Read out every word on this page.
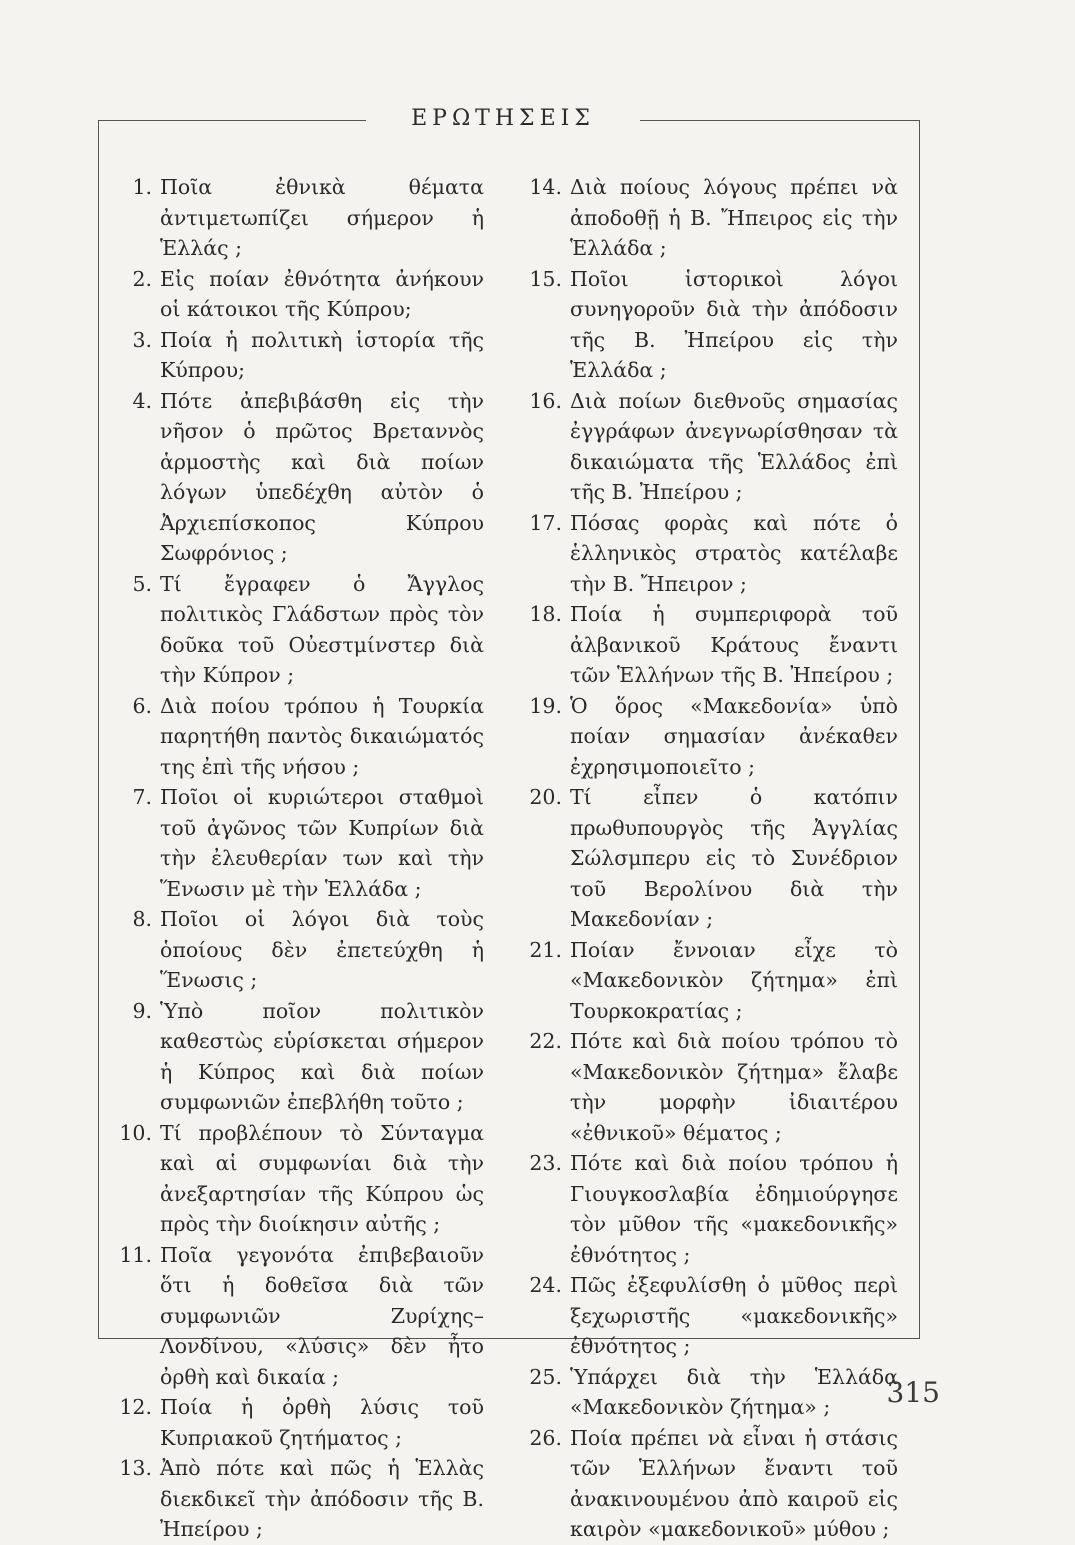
ΕΡΩΤΗΣΕΙΣ
1. Ποῖα ἐθνικὰ θέματα ἀντιμετωπίζει σήμερον ἡ Ἑλλάς ;
2. Εἰς ποίαν ἐθνότητα ἀνήκουν οἱ κάτοικοι τῆς Κύπρου;
3. Ποία ἡ πολιτικὴ ἱστορία τῆς Κύπρου;
4. Πότε ἀπεβιβάσθη εἰς τὴν νῆσον ὁ πρῶτος Βρεταννὸς ἁρμοστὴς καὶ διὰ ποίων λόγων ὑπεδέχθη αὐτὸν ὁ Ἀρχιεπίσκοπος Κύπρου Σωφρόνιος ;
5. Τί ἔγραφεν ὁ Ἄγγλος πολιτικὸς Γλάδστων πρὸς τὸν δοῦκα τοῦ Οὐεστμίνστερ διὰ τὴν Κύπρον ;
6. Διὰ ποίου τρόπου ἡ Τουρκία παρητήθη παντὸς δικαιώματός της ἐπὶ τῆς νήσου ;
7. Ποῖοι οἱ κυριώτεροι σταθμοὶ τοῦ ἀγῶνος τῶν Κυπρίων διὰ τὴν ἐλευθερίαν των καὶ τὴν Ἕνωσιν μὲ τὴν Ἑλλάδα ;
8. Ποῖοι οἱ λόγοι διὰ τοὺς ὁποίους δὲν ἐπετεύχθη ἡ Ἕνωσις ;
9. Ὑπὸ ποῖον πολιτικὸν καθεστὼς εὑρίσκεται σήμερον ἡ Κύπρος καὶ διὰ ποίων συμφωνιῶν ἐπεβλήθη τοῦτο ;
10. Τί προβλέπουν τὸ Σύνταγμα καὶ αἱ συμφωνίαι διὰ τὴν ἀνεξαρτησίαν τῆς Κύπρου ὡς πρὸς τὴν διοίκησιν αὐτῆς ;
11. Ποῖα γεγονότα ἐπιβεβαιοῦν ὅτι ἡ δοθεῖσα διὰ τῶν συμφωνιῶν Ζυρίχης–Λονδίνου, «λύσις» δὲν ἦτο ὀρθὴ καὶ δικαία ;
12. Ποία ἡ ὀρθὴ λύσις τοῦ Κυπριακοῦ ζητήματος ;
13. Ἀπὸ πότε καὶ πῶς ἡ Ἑλλὰς διεκδικεῖ τὴν ἀπόδοσιν τῆς Β. Ἠπείρου ;
14. Διὰ ποίους λόγους πρέπει νὰ ἀποδοθῇ ἡ Β. Ἤπειρος εἰς τὴν Ἑλλάδα ;
15. Ποῖοι ἱστορικοὶ λόγοι συνηγοροῦν διὰ τὴν ἀπόδοσιν τῆς Β. Ἠπείρου εἰς τὴν Ἑλλάδα ;
16. Διὰ ποίων διεθνοῦς σημασίας ἐγγράφων ἀνεγνωρίσθησαν τὰ δικαιώματα τῆς Ἑλλάδος ἐπὶ τῆς Β. Ἠπείρου ;
17. Πόσας φορὰς καὶ πότε ὁ ἑλληνικὸς στρατὸς κατέλαβε τὴν Β. Ἤπειρον ;
18. Ποία ἡ συμπεριφορὰ τοῦ ἀλβανικοῦ Κράτους ἔναντι τῶν Ἑλλήνων τῆς Β. Ἠπείρου ;
19. Ὁ ὅρος «Μακεδονία» ὑπὸ ποίαν σημασίαν ἀνέκαθεν ἐχρησιμοποιεῖτο ;
20. Τί εἶπεν ὁ κατόπιν πρωθυπουργὸς τῆς Ἀγγλίας Σώλσμπερυ εἰς τὸ Συνέδριον τοῦ Βερολίνου διὰ τὴν Μακεδονίαν ;
21. Ποίαν ἔννοιαν εἶχε τὸ «Μακεδονικὸν ζήτημα» ἐπὶ Τουρκοκρατίας ;
22. Πότε καὶ διὰ ποίου τρόπου τὸ «Μακεδονικὸν ζήτημα» ἔλαβε τὴν μορφὴν ἰδιαιτέρου «ἐθνικοῦ» θέματος ;
23. Πότε καὶ διὰ ποίου τρόπου ἡ Γιουγκοσλαβία ἐδημιούργησε τὸν μῦθον τῆς «μακεδονικῆς» ἐθνότητος ;
24. Πῶς ἐξεφυλίσθη ὁ μῦθος περὶ ξεχωριστῆς «μακεδονικῆς» ἐθνότητος ;
25. Ὑπάρχει διὰ τὴν Ἑλλάδα «Μακεδονικὸν ζήτημα» ;
26. Ποία πρέπει νὰ εἶναι ἡ στάσις τῶν Ἑλλήνων ἔναντι τοῦ ἀνακινουμένου ἀπὸ καιροῦ εἰς καιρὸν «μακεδονικοῦ» μύθου ;
315
